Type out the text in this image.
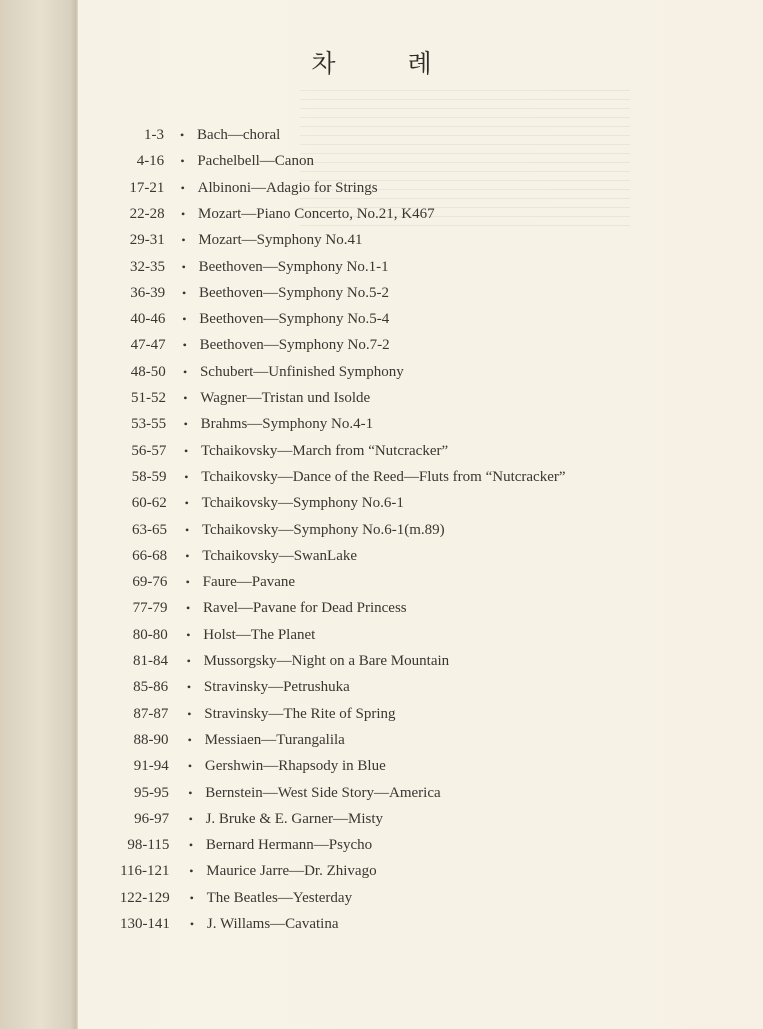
차 례
1-3 • Bach—choral
4-16 • Pachelbell—Canon
17-21 • Albinoni—Adagio for Strings
22-28 • Mozart—Piano Concerto, No.21, K467
29-31 • Mozart—Symphony No.41
32-35 • Beethoven—Symphony No.1-1
36-39 • Beethoven—Symphony No.5-2
40-46 • Beethoven—Symphony No.5-4
47-47 • Beethoven—Symphony No.7-2
48-50 • Schubert—Unfinished Symphony
51-52 • Wagner—Tristan und Isolde
53-55 • Brahms—Symphony No.4-1
56-57 • Tchaikovsky—March from “Nutcracker”
58-59 • Tchaikovsky—Dance of the Reed—Fluts from “Nutcracker”
60-62 • Tchaikovsky—Symphony No.6-1
63-65 • Tchaikovsky—Symphony No.6-1(m.89)
66-68 • Tchaikovsky—SwanLake
69-76 • Faure—Pavane
77-79 • Ravel—Pavane for Dead Princess
80-80 • Holst—The Planet
81-84 • Mussorgsky—Night on a Bare Mountain
85-86 • Stravinsky—Petrushuka
87-87 • Stravinsky—The Rite of Spring
88-90 • Messiaen—Turangalila
91-94 • Gershwin—Rhapsody in Blue
95-95 • Bernstein—West Side Story—America
96-97 • J. Bruke & E. Garner—Misty
98-115 • Bernard Hermann—Psycho
116-121 • Maurice Jarre—Dr. Zhivago
122-129 • The Beatles—Yesterday
130-141 • J. Willams—Cavatina
